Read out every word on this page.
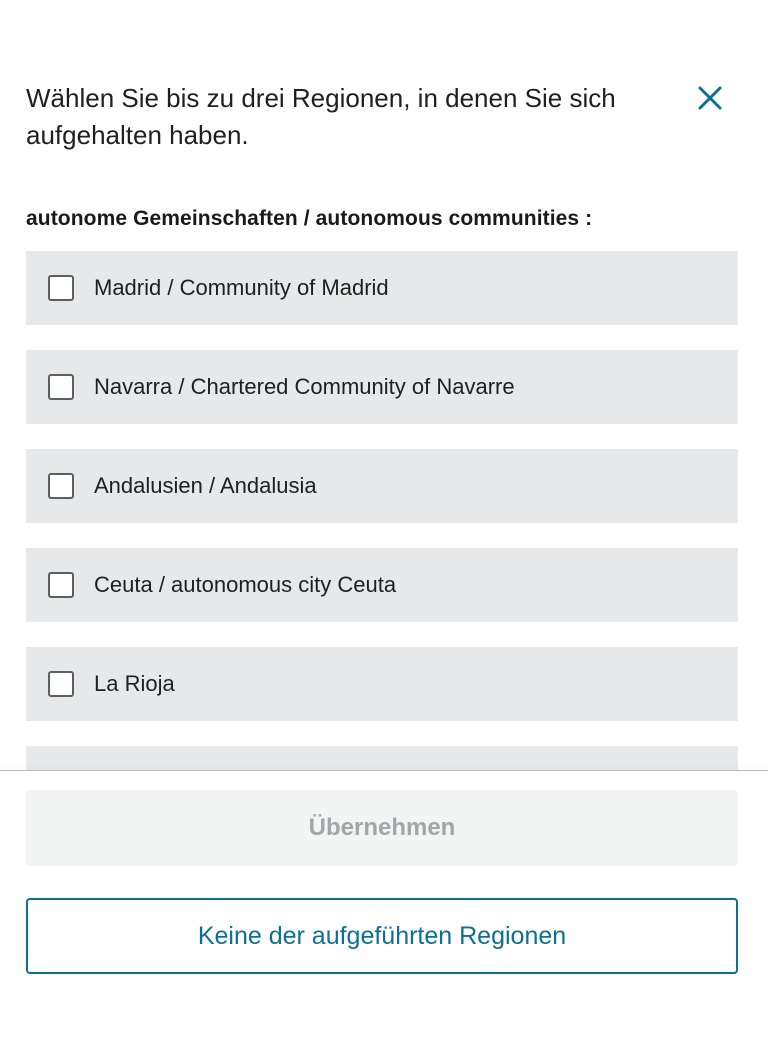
Wählen Sie bis zu drei Regionen, in denen Sie sich aufgehalten haben.
autonome Gemeinschaften / autonomous communities :
Madrid / Community of Madrid
Navarra / Chartered Community of Navarre
Andalusien / Andalusia
Ceuta / autonomous city Ceuta
La Rioja
Übernehmen
Keine der aufgeführten Regionen
